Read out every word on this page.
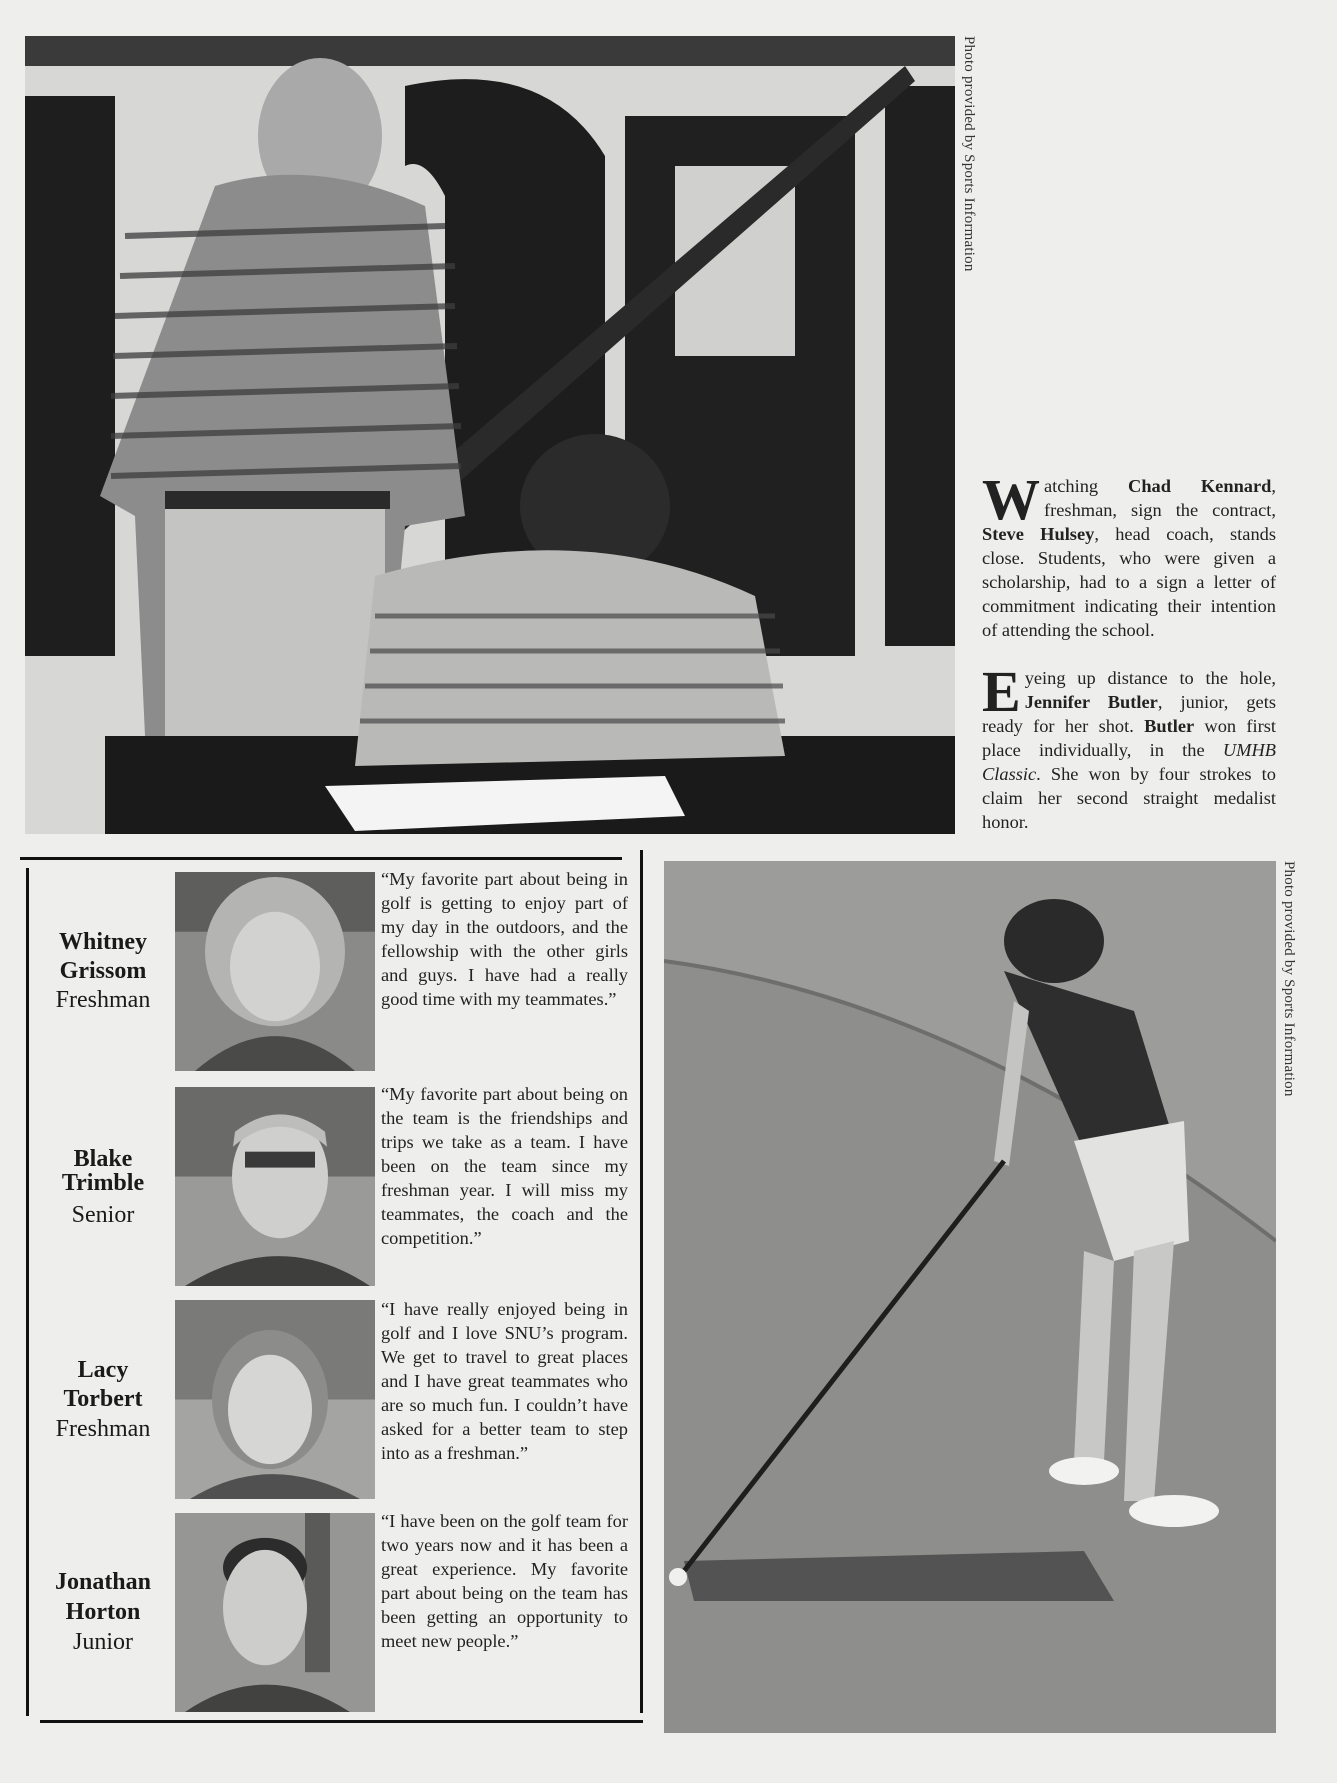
Photo provided by Sports Information

Watching Chad Kennard, freshman, sign the contract, Steve Hulsey, head coach, stands close. Students, who were given a scholarship, had to a sign a letter of commitment indicating their intention of attending the school.

Eyeing up distance to the hole, Jennifer Butler, junior, gets ready for her shot. Butler won first place individually, in the UMHB Classic. She won by four strokes to claim her second straight medalist honor.

Whitney
Grissom
Freshman
“My favorite part about being in golf is getting to enjoy part of my day in the outdoors, and the fellowship with the other girls and guys. I have had a really good time with my teammates.”
Blake
Trimble
Senior
“My favorite part about being on the team is the friendships and trips we take as a team. I have been on the team since my freshman year. I will miss my teammates, the coach and the competition.”
Lacy
Torbert
Freshman
“I have really enjoyed being in golf and I love SNU’s program. We get to travel to great places and I have great teammates who are so much fun. I couldn’t have asked for a better team to step into as a freshman.”
Jonathan
Horton
Junior
“I have been on the golf team for two years now and it has been a great experience. My favorite part about being on the team has been getting an opportunity to meet new people.”
Photo provided by Sports Information
